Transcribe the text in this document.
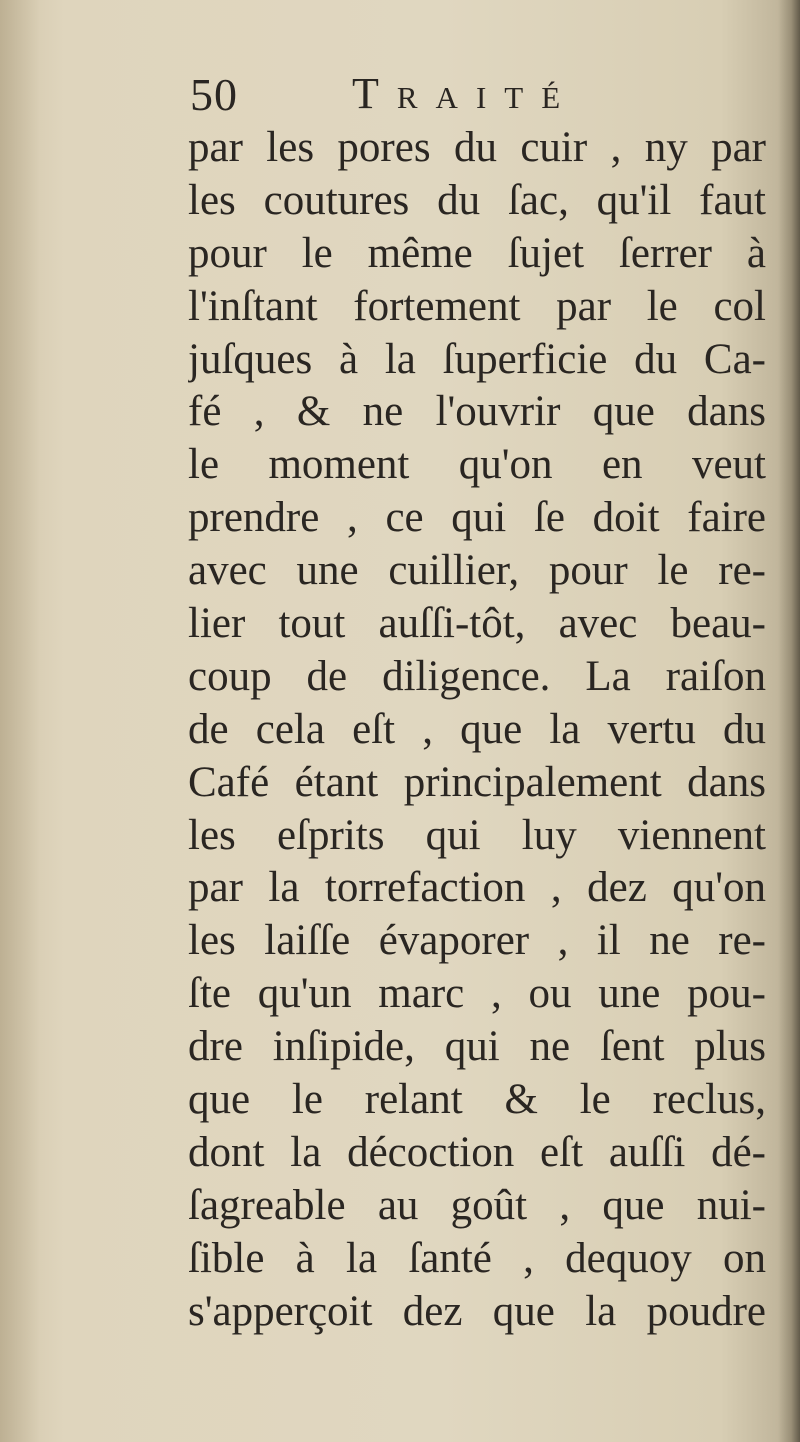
50	Traité
par les pores du cuir , ny par
les coutures du ſac, qu'il faut
pour le même ſujet ſerrer à
l'inſtant fortement par le col
juſques à la ſuperficie du Ca-
fé , & ne l'ouvrir que dans
le moment qu'on en veut
prendre , ce qui ſe doit faire
avec une cuillier, pour le re-
lier tout auſſi-tôt, avec beau-
coup de diligence. La raiſon
de cela eſt , que la vertu du
Café étant principalement dans
les eſprits qui luy viennent
par la torrefaction , dez qu'on
les laiſſe évaporer , il ne re-
ſte qu'un marc , ou une pou-
dre inſipide, qui ne ſent plus
que le relant & le reclus,
dont la décoction eſt auſſi dé-
ſagreable au goût , que nui-
ſible à la ſanté , dequoy on
s'apperçoit dez que la poudre
